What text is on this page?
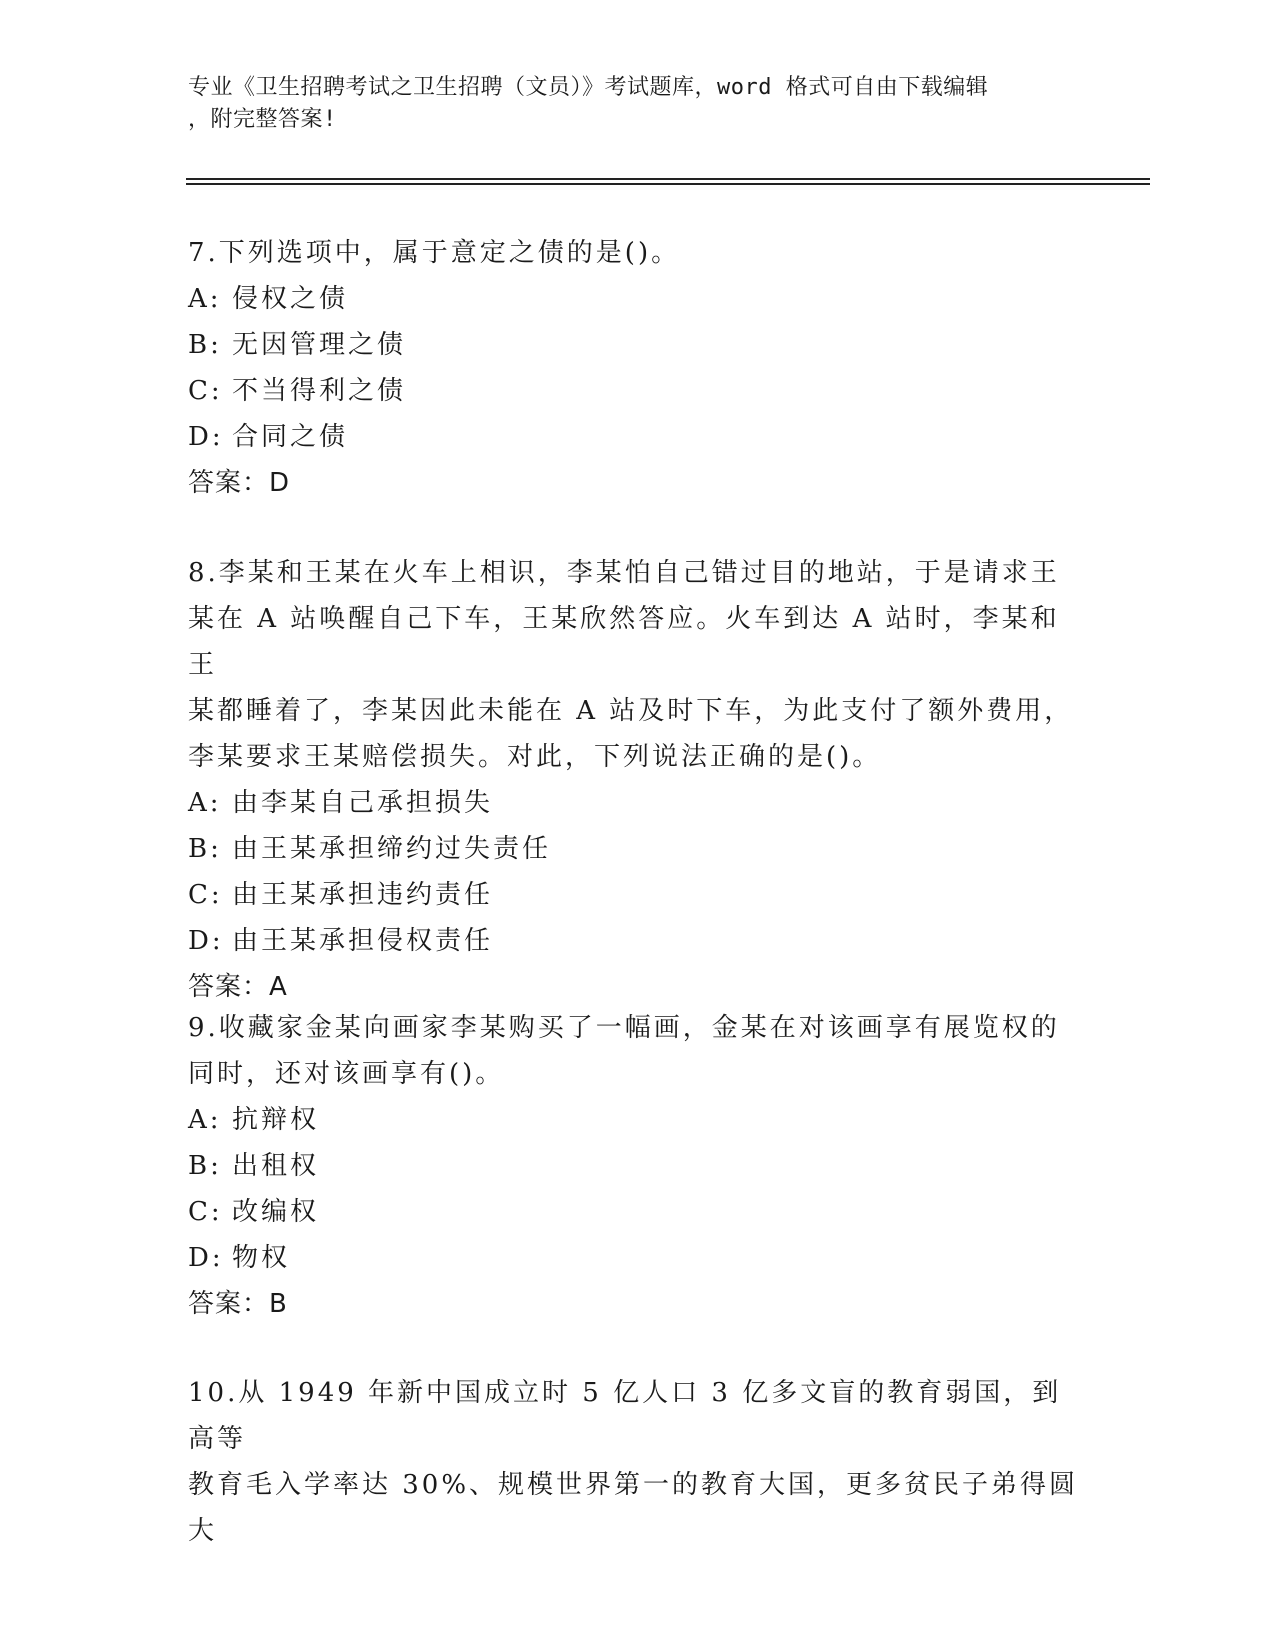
专业《卫生招聘考试之卫生招聘（文员）》考试题库，word 格式可自由下载编辑
，附完整答案!

7.下列选项中，属于意定之债的是()。

A: 侵权之债

B: 无因管理之债

C: 不当得利之债

D: 合同之债

答案：D

8.李某和王某在火车上相识，李某怕自己错过目的地站，于是请求王

某在 A 站唤醒自己下车，王某欣然答应。火车到达 A 站时，李某和王

某都睡着了，李某因此未能在 A 站及时下车，为此支付了额外费用，

李某要求王某赔偿损失。对此，下列说法正确的是()。

A: 由李某自己承担损失

B: 由王某承担缔约过失责任

C: 由王某承担违约责任

D: 由王某承担侵权责任

答案：A

9.收藏家金某向画家李某购买了一幅画，金某在对该画享有展览权的

同时，还对该画享有()。

A: 抗辩权

B: 出租权

C: 改编权

D: 物权

答案：B

10.从 1949 年新中国成立时 5 亿人口 3 亿多文盲的教育弱国，到高等

教育毛入学率达 30%、规模世界第一的教育大国，更多贫民子弟得圆大
